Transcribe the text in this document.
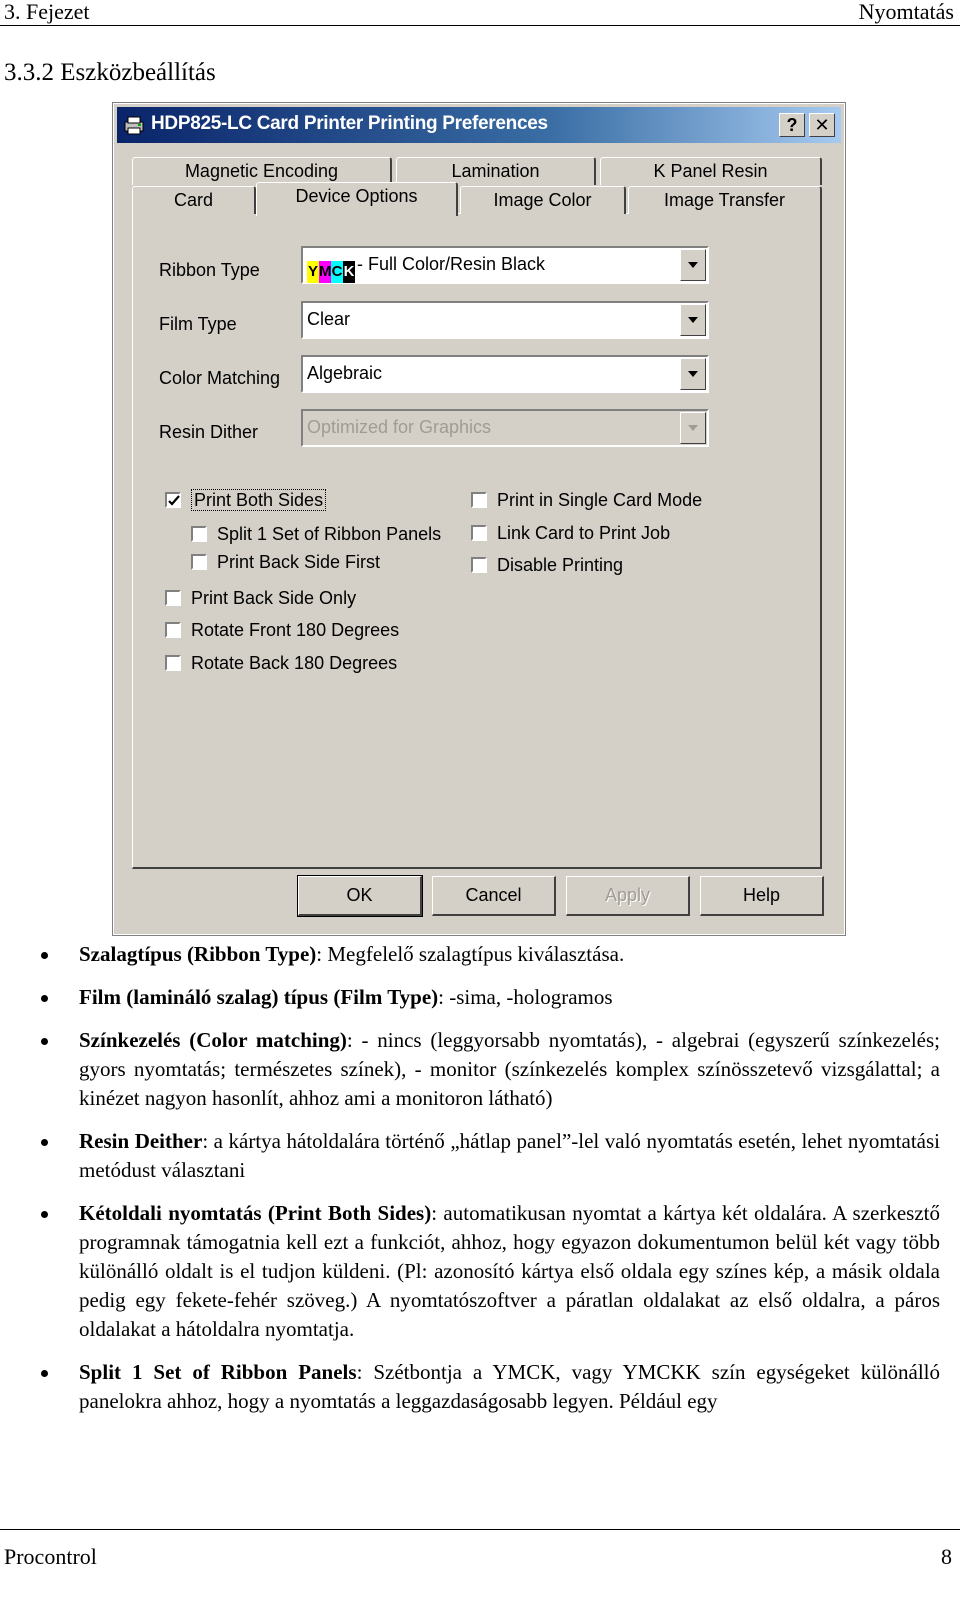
3. Fejezet	Nyomtatás
3.3.2 Eszközbeállítás
HDP825-LC Card Printer Printing Preferences	? ✕
Magnetic Encoding	Lamination	K Panel Resin
Card	Device Options	Image Color	Image Transfer
Ribbon Type	YMCK - Full Color/Resin Black
Film Type	Clear
Color Matching	Algebraic
Resin Dither	Optimized for Graphics
Print Both Sides
Split 1 Set of Ribbon Panels
Print Back Side First
Print Back Side Only
Rotate Front 180 Degrees
Rotate Back 180 Degrees
Print in Single Card Mode
Link Card to Print Job
Disable Printing
OK	Cancel	Apply	Help
Szalagtípus (Ribbon Type): Megfelelő szalagtípus kiválasztása.
Film (lamináló szalag) típus (Film Type): -sima, -hologramos
Színkezelés (Color matching): - nincs (leggyorsabb nyomtatás), - algebrai (egyszerű színkezelés; gyors nyomtatás; természetes színek), - monitor (színkezelés komplex színösszetevő vizsgálattal; a kinézet nagyon hasonlít, ahhoz ami a monitoron látható)
Resin Deither: a kártya hátoldalára történő „hátlap panel”-lel való nyomtatás esetén, lehet nyomtatási metódust választani
Kétoldali nyomtatás (Print Both Sides): automatikusan nyomtat a kártya két oldalára. A szerkesztő programnak támogatnia kell ezt a funkciót, ahhoz, hogy egyazon dokumentumon belül két vagy több különálló oldalt is el tudjon küldeni. (Pl: azonosító kártya első oldala egy színes kép, a másik oldala pedig egy fekete-fehér szöveg.) A nyomtatószoftver a páratlan oldalakat az első oldalra, a páros oldalakat a hátoldalra nyomtatja.
Split 1 Set of Ribbon Panels: Szétbontja a YMCK, vagy YMCKK szín egységeket különálló panelokra ahhoz, hogy a nyomtatás a leggazdaságosabb legyen. Például egy
Procontrol	8
